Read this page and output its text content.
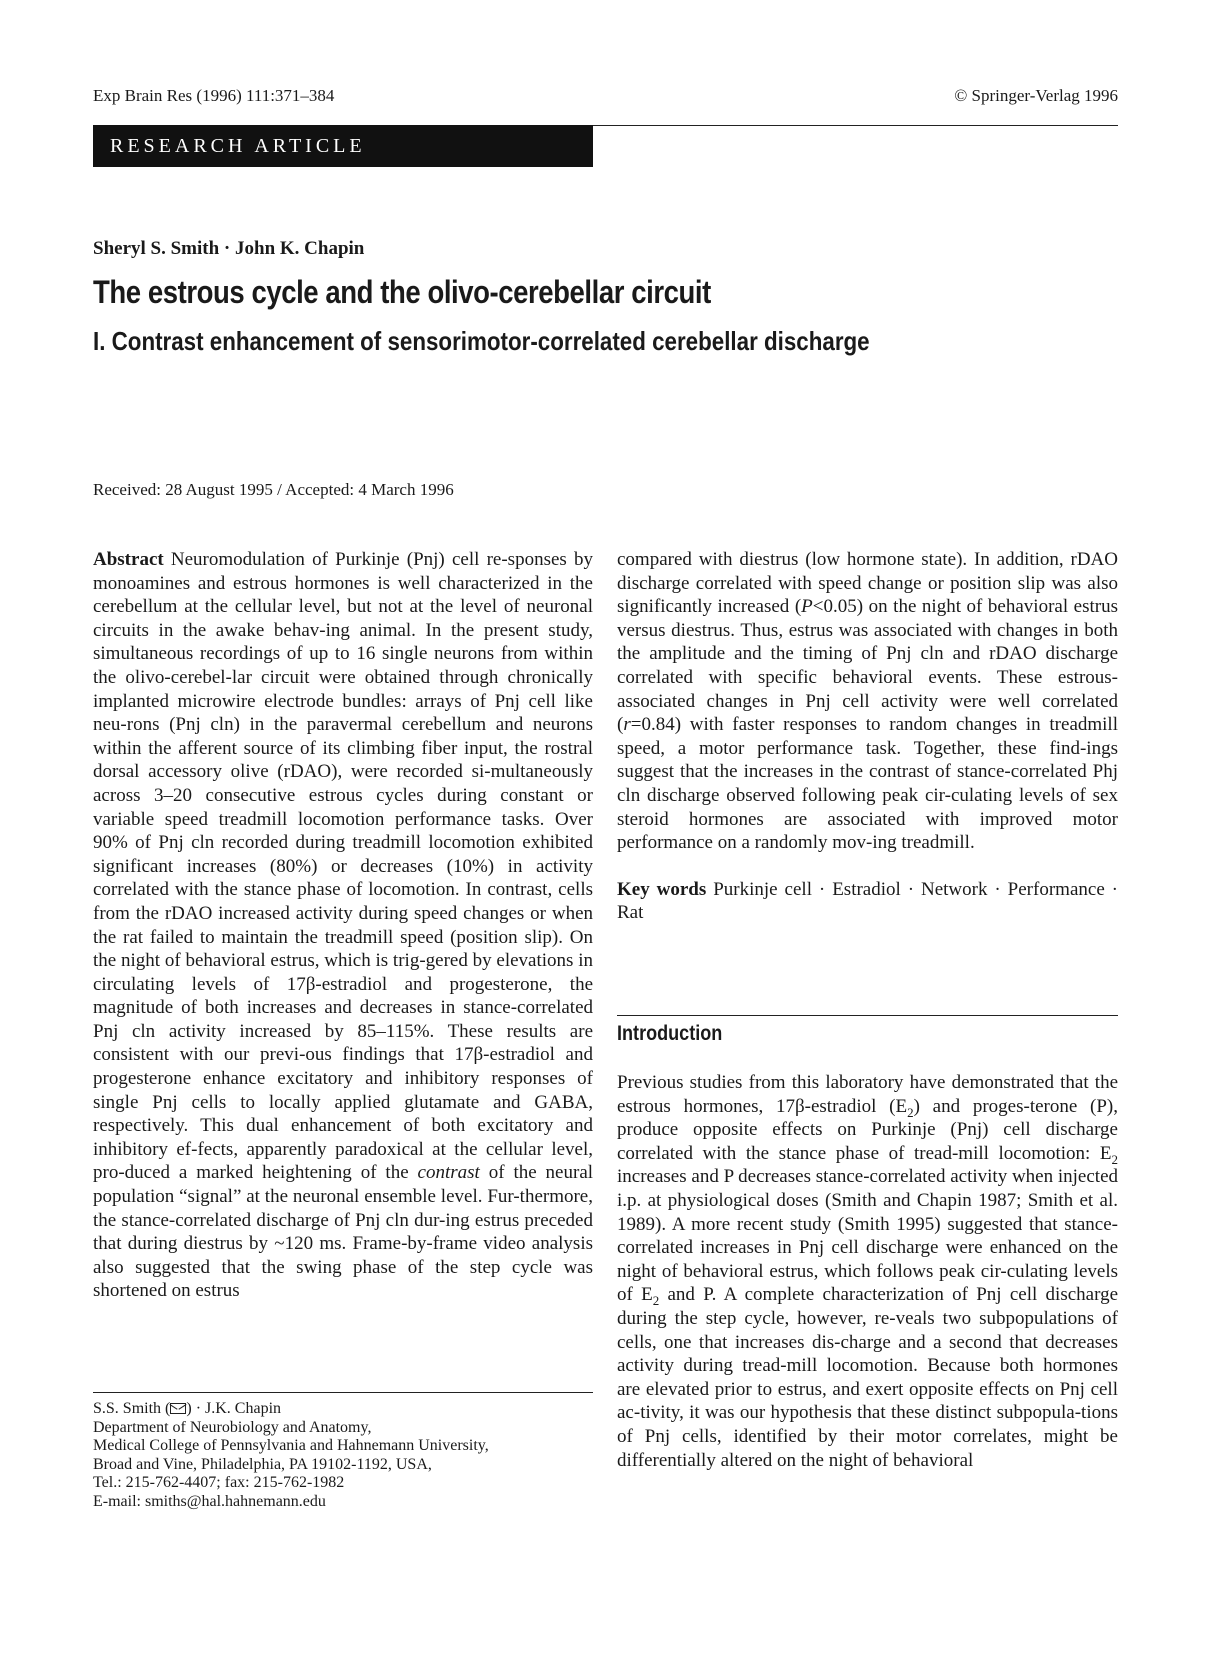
Exp Brain Res (1996) 111:371–384	© Springer-Verlag 1996
RESEARCH ARTICLE
Sheryl S. Smith · John K. Chapin
The estrous cycle and the olivo-cerebellar circuit
I. Contrast enhancement of sensorimotor-correlated cerebellar discharge
Received: 28 August 1995 / Accepted: 4 March 1996

Abstract Neuromodulation of Purkinje (Pnj) cell re-sponses by monoamines and estrous hormones is well characterized in the cerebellum at the cellular level, but not at the level of neuronal circuits in the awake behav-ing animal. In the present study, simultaneous recordings of up to 16 single neurons from within the olivo-cerebel-lar circuit were obtained through chronically implanted microwire electrode bundles: arrays of Pnj cell like neu-rons (Pnj cln) in the paravermal cerebellum and neurons within the afferent source of its climbing fiber input, the rostral dorsal accessory olive (rDAO), were recorded si-multaneously across 3–20 consecutive estrous cycles during constant or variable speed treadmill locomotion performance tasks. Over 90% of Pnj cln recorded during treadmill locomotion exhibited significant increases (80%) or decreases (10%) in activity correlated with the stance phase of locomotion. In contrast, cells from the rDAO increased activity during speed changes or when the rat failed to maintain the treadmill speed (position slip). On the night of behavioral estrus, which is trig-gered by elevations in circulating levels of 17β-estradiol and progesterone, the magnitude of both increases and decreases in stance-correlated Pnj cln activity increased by 85–115%. These results are consistent with our previ-ous findings that 17β-estradiol and progesterone enhance excitatory and inhibitory responses of single Pnj cells to locally applied glutamate and GABA, respectively. This dual enhancement of both excitatory and inhibitory ef-fects, apparently paradoxical at the cellular level, pro-duced a marked heightening of the contrast of the neural population “signal” at the neuronal ensemble level. Fur-thermore, the stance-correlated discharge of Pnj cln dur-ing estrus preceded that during diestrus by ~120 ms. Frame-by-frame video analysis also suggested that the swing phase of the step cycle was shortened on estrus

compared with diestrus (low hormone state). In addition, rDAO discharge correlated with speed change or position slip was also significantly increased (P<0.05) on the night of behavioral estrus versus diestrus. Thus, estrus was associated with changes in both the amplitude and the timing of Pnj cln and rDAO discharge correlated with specific behavioral events. These estrous-associated changes in Pnj cell activity were well correlated (r=0.84) with faster responses to random changes in treadmill speed, a motor performance task. Together, these find-ings suggest that the increases in the contrast of stance-correlated Phj cln discharge observed following peak cir-culating levels of sex steroid hormones are associated with improved motor performance on a randomly mov-ing treadmill.

Key words Purkinje cell · Estradiol · Network · Performance · Rat

Introduction

Previous studies from this laboratory have demonstrated that the estrous hormones, 17β-estradiol $(E_2)$ and proges-terone (P), produce opposite effects on Purkinje (Pnj) cell discharge correlated with the stance phase of tread-mill locomotion: $E_2$ increases and P decreases stance-correlated activity when injected i.p. at physiological doses (Smith and Chapin 1987; Smith et al. 1989). A more recent study (Smith 1995) suggested that stance-correlated increases in Pnj cell discharge were enhanced on the night of behavioral estrus, which follows peak cir-culating levels of $E_2$ and P. A complete characterization of Pnj cell discharge during the step cycle, however, re-veals two subpopulations of cells, one that increases dis-charge and a second that decreases activity during tread-mill locomotion. Because both hormones are elevated prior to estrus, and exert opposite effects on Pnj cell ac-tivity, it was our hypothesis that these distinct subpopula-tions of Pnj cells, identified by their motor correlates, might be differentially altered on the night of behavioral

S.S. Smith ( ) · J.K. Chapin
Department of Neurobiology and Anatomy,
Medical College of Pennsylvania and Hahnemann University,
Broad and Vine, Philadelphia, PA 19102-1192, USA,
Tel.: 215-762-4407; fax: 215-762-1982
E-mail: smiths@hal.hahnemann.edu
